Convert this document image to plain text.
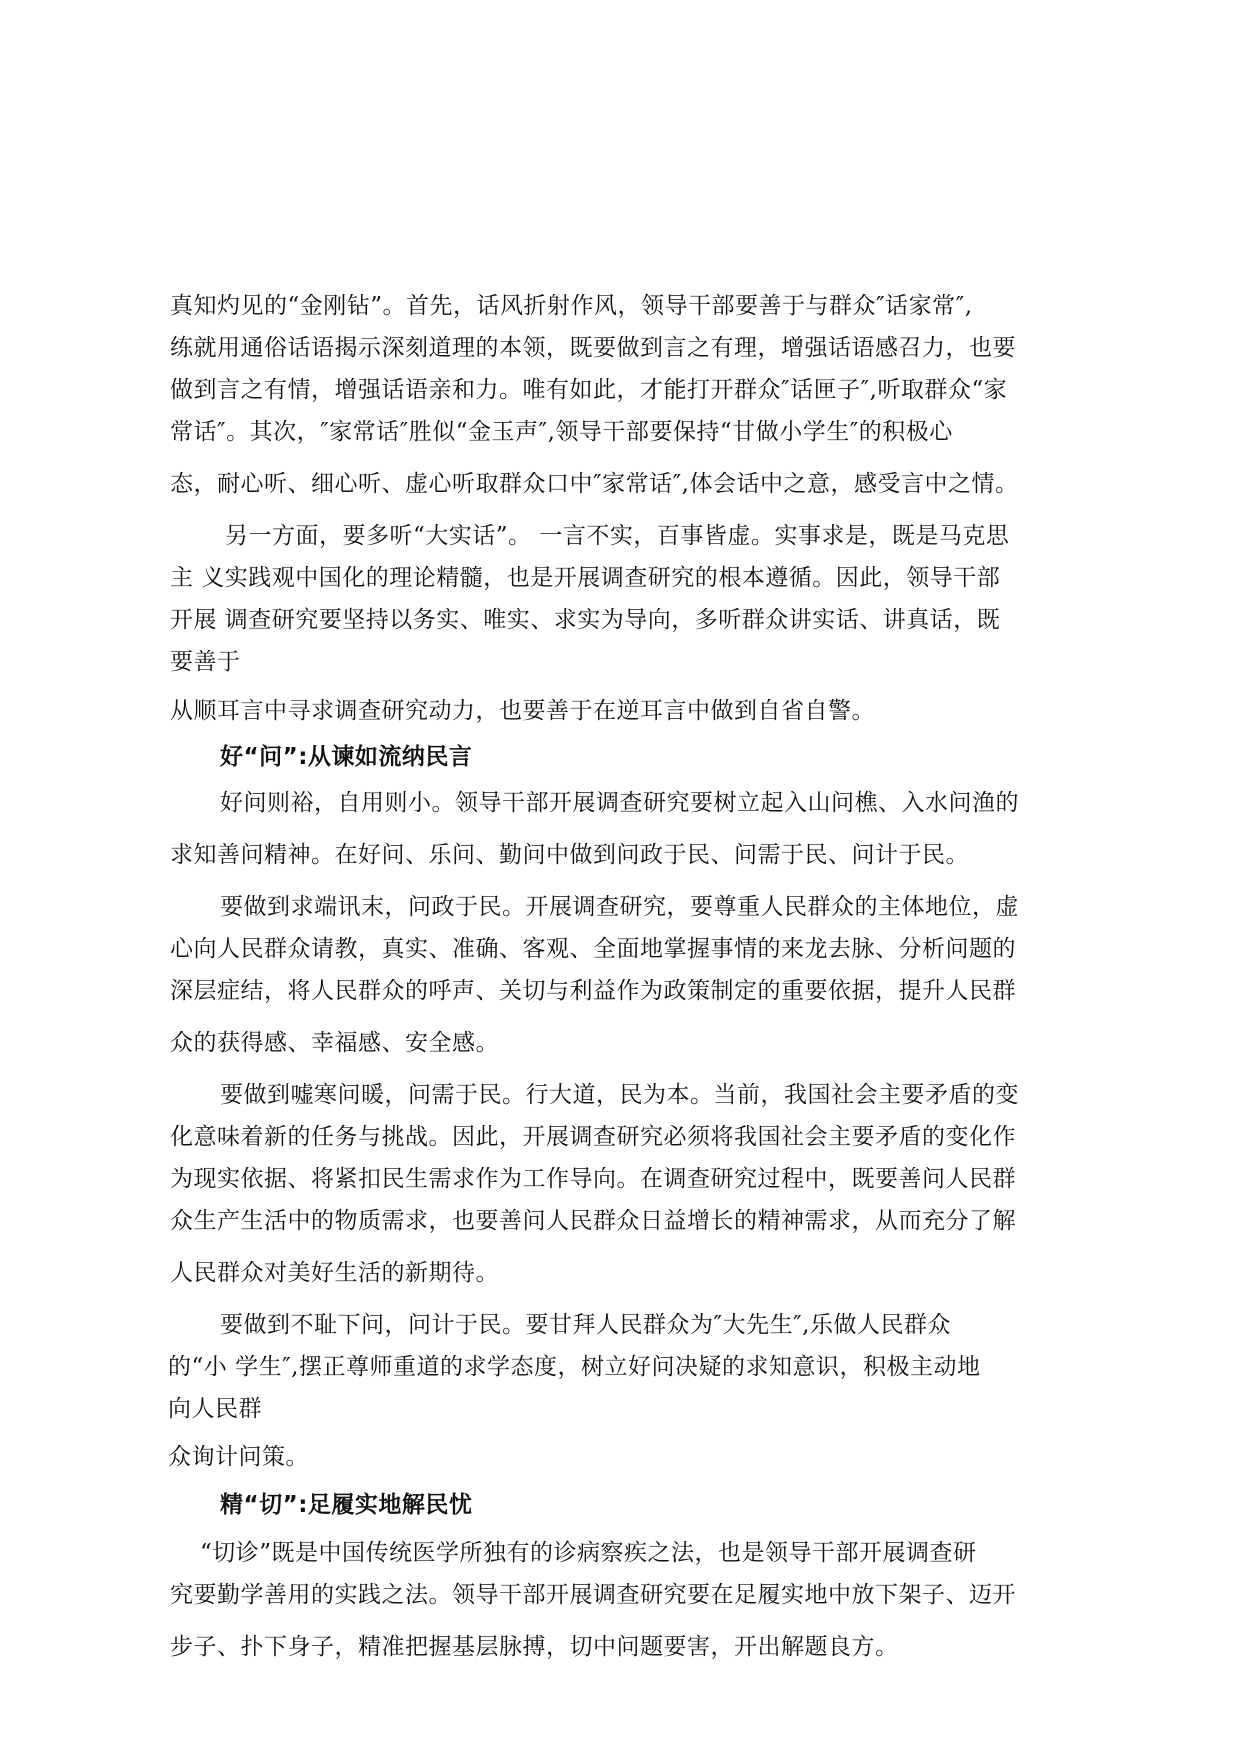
真知灼见的“金刚钻”。首先，话风折射作风，领导干部要善于与群众″话家常″,
练就用通俗话语揭示深刻道理的本领，既要做到言之有理，增强话语感召力，也要
做到言之有情，增强话语亲和力。唯有如此，才能打开群众″话匣子″,听取群众“家
常话″。其次，″家常话″胜似“金玉声″,领导干部要保持“甘做小学生″的积极心
态，耐心听、细心听、虚心听取群众口中″家常话″,体会话中之意，感受言中之情。
另一方面，要多听“大实话”。 一言不实，百事皆虚。实事求是，既是马克思
主 义实践观中国化的理论精髓，也是开展调查研究的根本遵循。因此，领导干部
开展 调查研究要坚持以务实、唯实、求实为导向，多听群众讲实话、讲真话，既
要善于
从顺耳言中寻求调查研究动力，也要善于在逆耳言中做到自省自警。
好“问”:从谏如流纳民言
好问则裕，自用则小。领导干部开展调查研究要树立起入山问樵、入水问渔的
求知善问精神。在好问、乐问、勤问中做到问政于民、问需于民、问计于民。
要做到求端讯末，问政于民。开展调查研究，要尊重人民群众的主体地位，虚
心向人民群众请教，真实、准确、客观、全面地掌握事情的来龙去脉、分析问题的
深层症结，将人民群众的呼声、关切与利益作为政策制定的重要依据，提升人民群
众的获得感、幸福感、安全感。
要做到嘘寒问暖，问需于民。行大道，民为本。当前，我国社会主要矛盾的变
化意味着新的任务与挑战。因此，开展调查研究必须将我国社会主要矛盾的变化作
为现实依据、将紧扣民生需求作为工作导向。在调查研究过程中，既要善问人民群
众生产生活中的物质需求，也要善问人民群众日益增长的精神需求，从而充分了解
人民群众对美好生活的新期待。
要做到不耻下问，问计于民。要甘拜人民群众为″大先生″,乐做人民群众
的“小 学生″,摆正尊师重道的求学态度，树立好问决疑的求知意识，积极主动地
向人民群
众询计问策。
精“切”:足履实地解民忧
“切诊”既是中国传统医学所独有的诊病察疾之法，也是领导干部开展调查研
究要勤学善用的实践之法。领导干部开展调查研究要在足履实地中放下架子、迈开
步子、扑下身子，精准把握基层脉搏，切中问题要害，开出解题良方。
